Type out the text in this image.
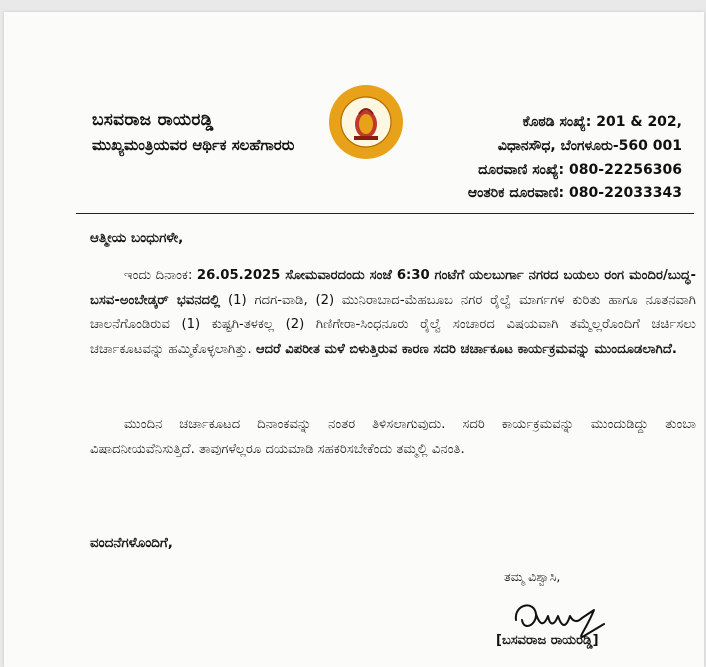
ಬಸವರಾಜ ರಾಯರಡ್ಡಿ
ಮುಖ್ಯಮಂತ್ರಿಯವರ ಆರ್ಥಿಕ ಸಲಹೆಗಾರರು
ಕೊಠಡಿ ಸಂಖ್ಯೆ: 201 & 202,
ವಿಧಾನಸೌಧ, ಬೆಂಗಳೂರು-560 001
ದೂರವಾಣಿ ಸಂಖ್ಯೆ: 080-22256306
ಆಂತರಿಕ ದೂರವಾಣಿ: 080-22033343
ಆತ್ಮೀಯ ಬಂಧುಗಳೇ,
ಇಂದು ದಿನಾಂಕ: 26.05.2025 ಸೋಮವಾರದಂದು ಸಂಜೆ 6:30 ಗಂಟೆಗೆ ಯಲಬುರ್ಗಾ ನಗರದ ಬಯಲು ರಂಗ ಮಂದಿರ/ಬುದ್ಧ-ಬಸವ-ಅಂಬೇಡ್ಕರ್ ಭವನದಲ್ಲಿ (1) ಗದಗ-ವಾಡಿ, (2) ಮುನಿರಾಬಾದ-ಮೆಹಬೂಬ ನಗರ ರೈಲ್ವೆ ಮಾರ್ಗಗಳ ಕುರಿತು ಹಾಗೂ ನೂತನವಾಗಿ ಚಾಲನೆಗೊಂಡಿರುವ (1) ಕುಷ್ಟಗಿ-ತಳಕಲ್ಲ (2) ಗಿಣಿಗೇರಾ-ಸಿಂಧನೂರು ರೈಲ್ವೆ ಸಂಚಾರದ ವಿಷಯವಾಗಿ ತಮ್ಮೆಲ್ಲರೊಂದಿಗೆ ಚರ್ಚಿಸಲು ಚರ್ಚಾಕೂಟವನ್ನು ಹಮ್ಮಿಕೊಳ್ಳಲಾಗಿತ್ತು. ಆದರೆ ವಿಪರೀತ ಮಳೆ ಬಿಳುತ್ತಿರುವ ಕಾರಣ ಸದರಿ ಚರ್ಚಾಕೂಟ ಕಾರ್ಯಕ್ರಮವನ್ನು ಮುಂದೂಡಲಾಗಿದೆ.
ಮುಂದಿನ ಚರ್ಚಾಕೂಟದ ದಿನಾಂಕವನ್ನು ನಂತರ ತಿಳಿಸಲಾಗುವುದು. ಸದರಿ ಕಾರ್ಯಕ್ರಮವನ್ನು ಮುಂದುಡಿದ್ದು ತುಂಬಾ ವಿಷಾದನೀಯವೆನಿಸುತ್ತಿದೆ. ತಾವುಗಳೆಲ್ಲರೂ ದಯಮಾಡಿ ಸಹಕರಿಸಬೇಕೆಂದು ತಮ್ಮಲ್ಲಿ ವಿನಂತಿ.
ವಂದನೆಗಳೊಂದಿಗೆ,
ತಮ್ಮ ವಿಶ್ವಾಸಿ,
[ಬಸವರಾಜ ರಾಯರಡ್ಡಿ]
